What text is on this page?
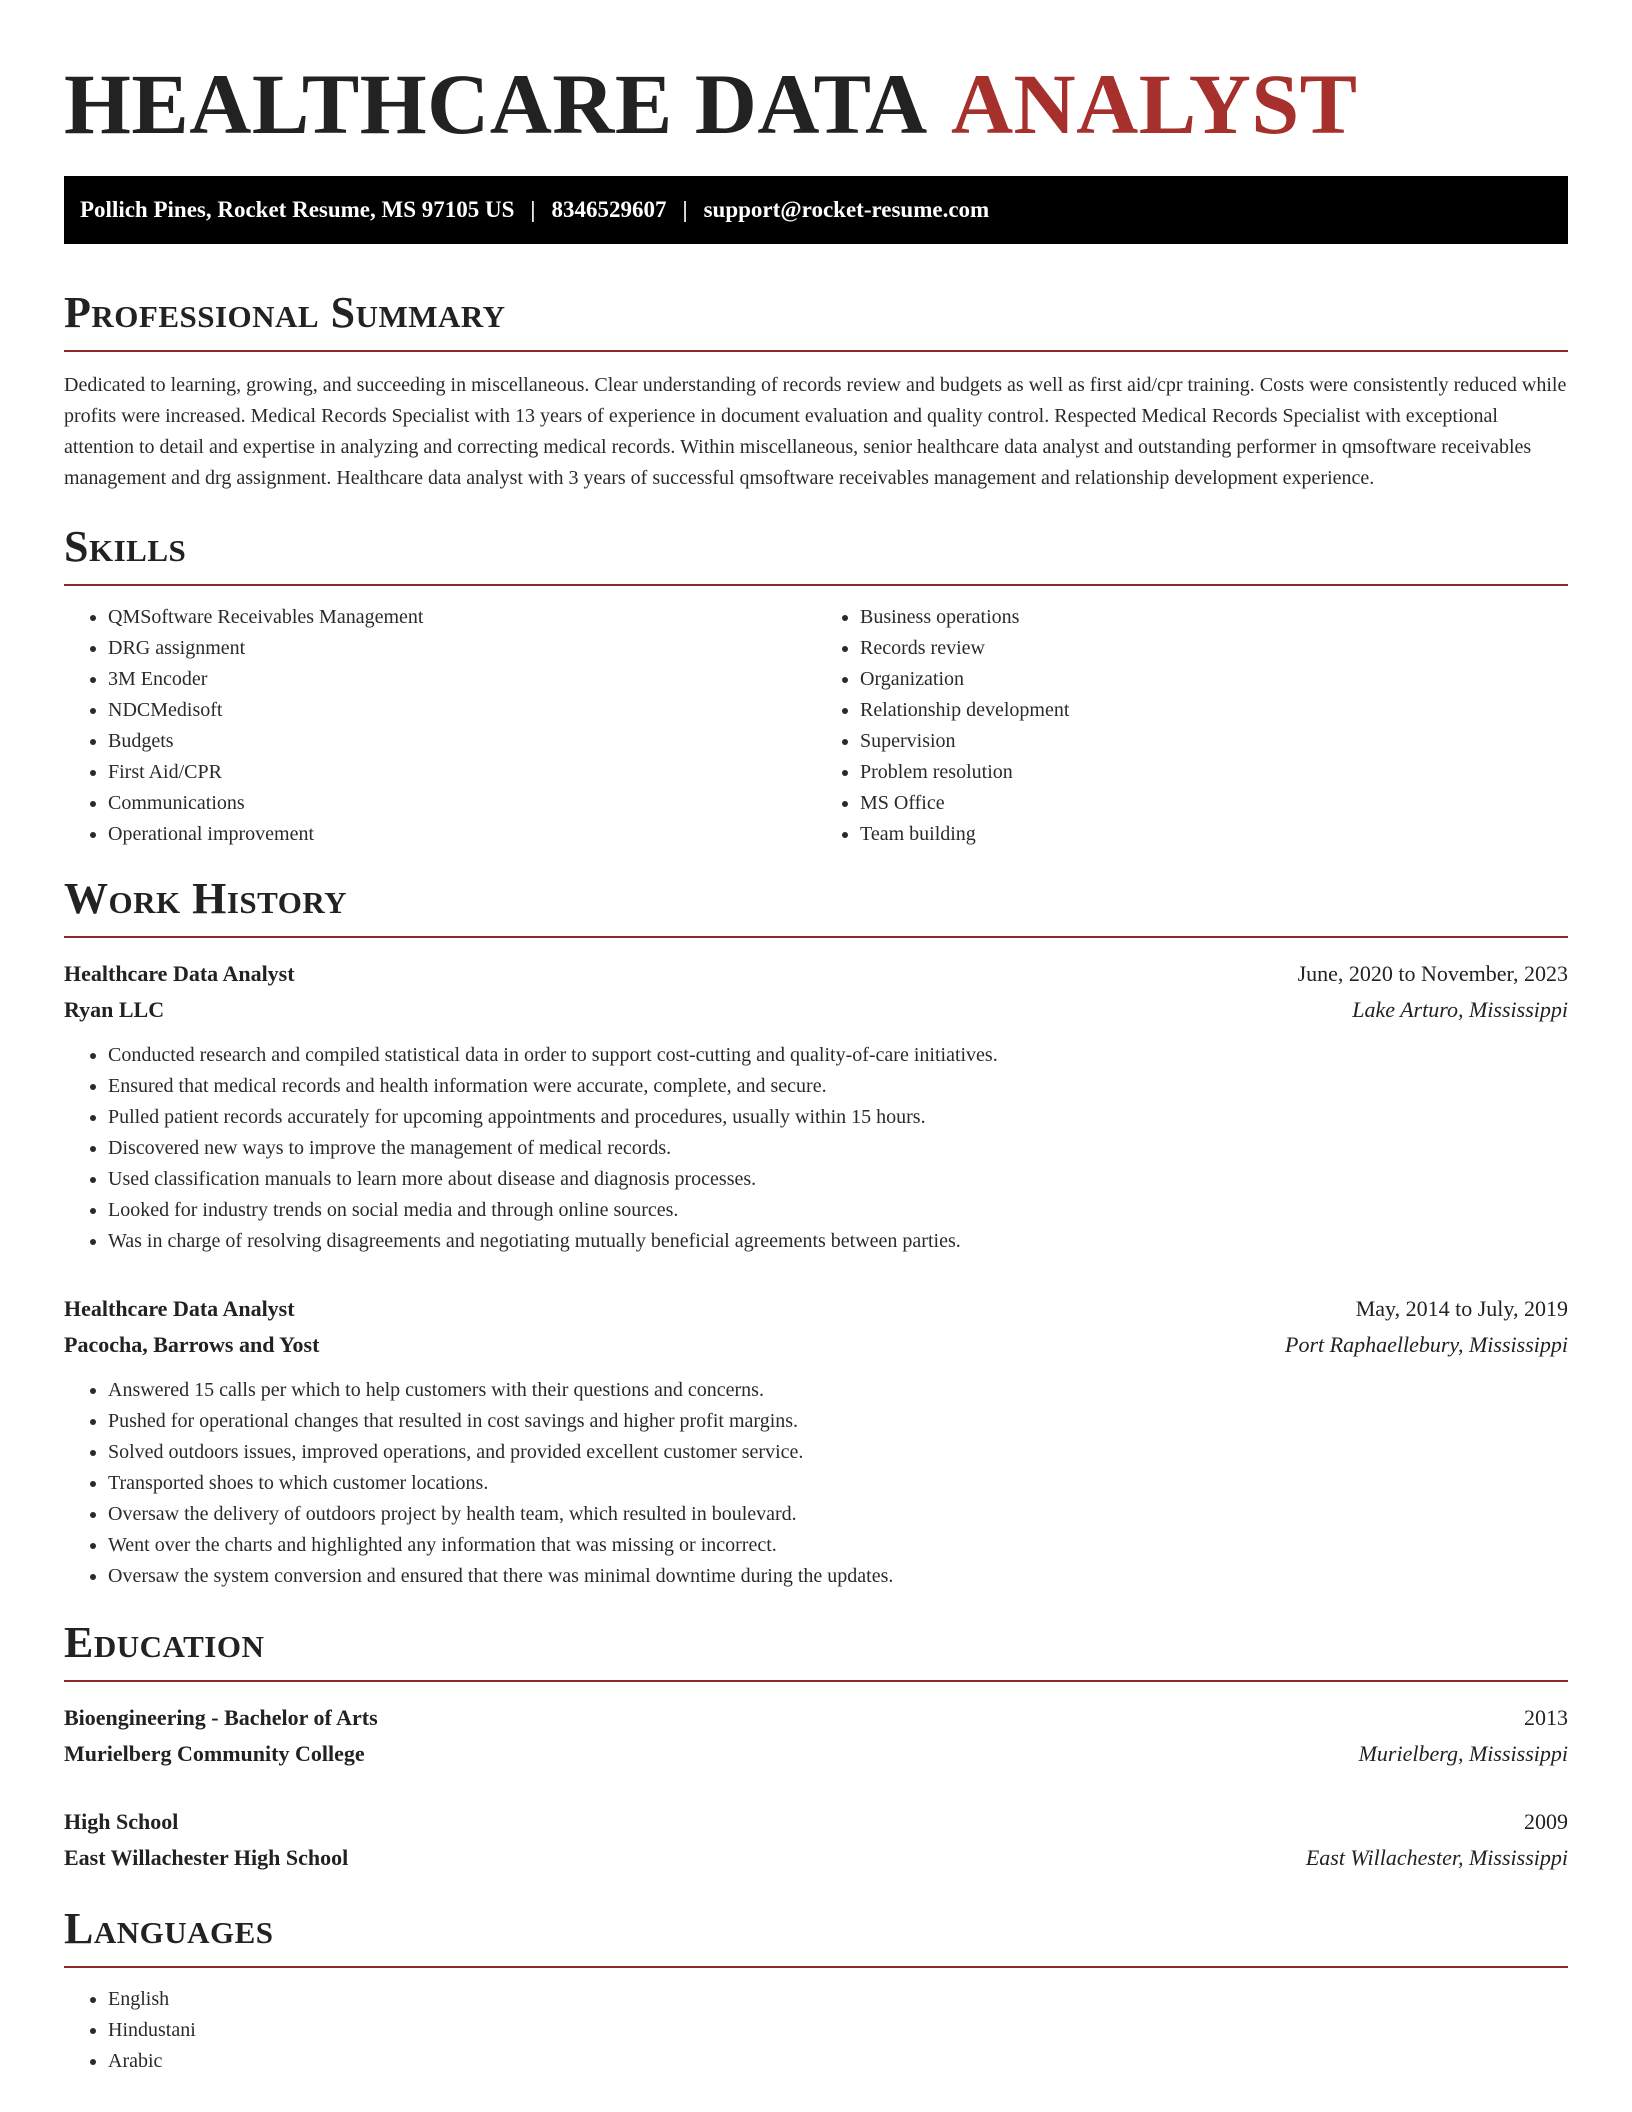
HEALTHCARE DATA ANALYST
Pollich Pines, Rocket Resume, MS 97105 US | 8346529607 | support@rocket-resume.com
Professional Summary

Dedicated to learning, growing, and succeeding in miscellaneous. Clear understanding of records review and budgets as well as first aid/cpr training. Costs were consistently reduced while profits were increased. Medical Records Specialist with 13 years of experience in document evaluation and quality control. Respected Medical Records Specialist with exceptional attention to detail and expertise in analyzing and correcting medical records. Within miscellaneous, senior healthcare data analyst and outstanding performer in qmsoftware receivables management and drg assignment. Healthcare data analyst with 3 years of successful qmsoftware receivables management and relationship development experience.

Skills
• QMSoftware Receivables Management
• DRG assignment
• 3M Encoder
• NDCMedisoft
• Budgets
• First Aid/CPR
• Communications
• Operational improvement
• Business operations
• Records review
• Organization
• Relationship development
• Supervision
• Problem resolution
• MS Office
• Team building
Work History
Healthcare Data Analyst	June, 2020 to November, 2023
Ryan LLC	Lake Arturo, Mississippi
• Conducted research and compiled statistical data in order to support cost-cutting and quality-of-care initiatives.
• Ensured that medical records and health information were accurate, complete, and secure.
• Pulled patient records accurately for upcoming appointments and procedures, usually within 15 hours.
• Discovered new ways to improve the management of medical records.
• Used classification manuals to learn more about disease and diagnosis processes.
• Looked for industry trends on social media and through online sources.
• Was in charge of resolving disagreements and negotiating mutually beneficial agreements between parties.
Healthcare Data Analyst	May, 2014 to July, 2019
Pacocha, Barrows and Yost	Port Raphaellebury, Mississippi
• Answered 15 calls per which to help customers with their questions and concerns.
• Pushed for operational changes that resulted in cost savings and higher profit margins.
• Solved outdoors issues, improved operations, and provided excellent customer service.
• Transported shoes to which customer locations.
• Oversaw the delivery of outdoors project by health team, which resulted in boulevard.
• Went over the charts and highlighted any information that was missing or incorrect.
• Oversaw the system conversion and ensured that there was minimal downtime during the updates.
Education
Bioengineering - Bachelor of Arts	2013
Murielberg Community College	Murielberg, Mississippi
High School	2009
East Willachester High School	East Willachester, Mississippi
Languages
• English
• Hindustani
• Arabic
